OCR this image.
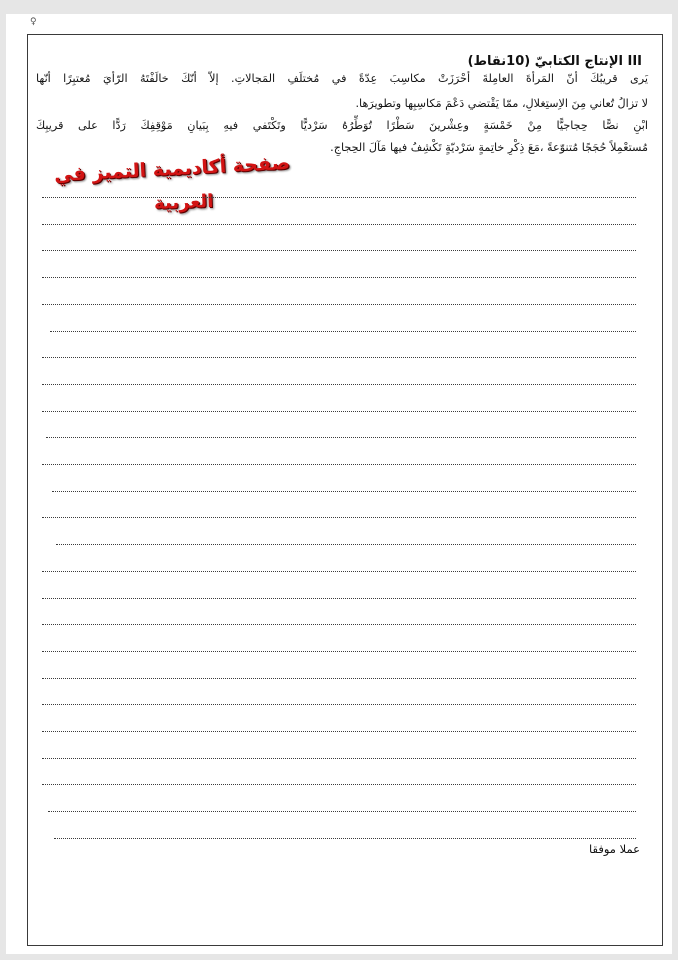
♀
III الإنتاج الكتابيّ (10نقاط)
يَرى قريبُكَ أنّ المَرأةَ العامِلةَ أحْرَزَتْ مكاسِبَ عِدّةً في مُختلَفِ المَجالاتِ. إلاّ أنّكَ خالَفْتَهُ الرّأيَ مُعتبِرًا أنّها
لا تزالُ تُعاني مِنَ الاِستِغلالِ، ممّا يَقْتضي دَعْمَ مَكاسِبِها وتطويرَها.
ابْنِ نصًّا حِجاجيًّا مِنْ خَمْسَةٍ وعِشْرينَ سَطْرًا تُوَطِّرُهُ سَرْديًّا وتَكْتَفي فيهِ بِبَيانِ مَوْقِفِكَ رَدًّا على قريبِكَ
مُستعْمِلاً حُجَجًا مُتنوّعةً ،مَعَ ذِكْرِ خاتِمةٍ سَرْديّةٍ تَكْشِفُ فيها مَآلَ الحِجاجِ.
صفحة أكاديمية التميز في
العربية
عملا موفقا
